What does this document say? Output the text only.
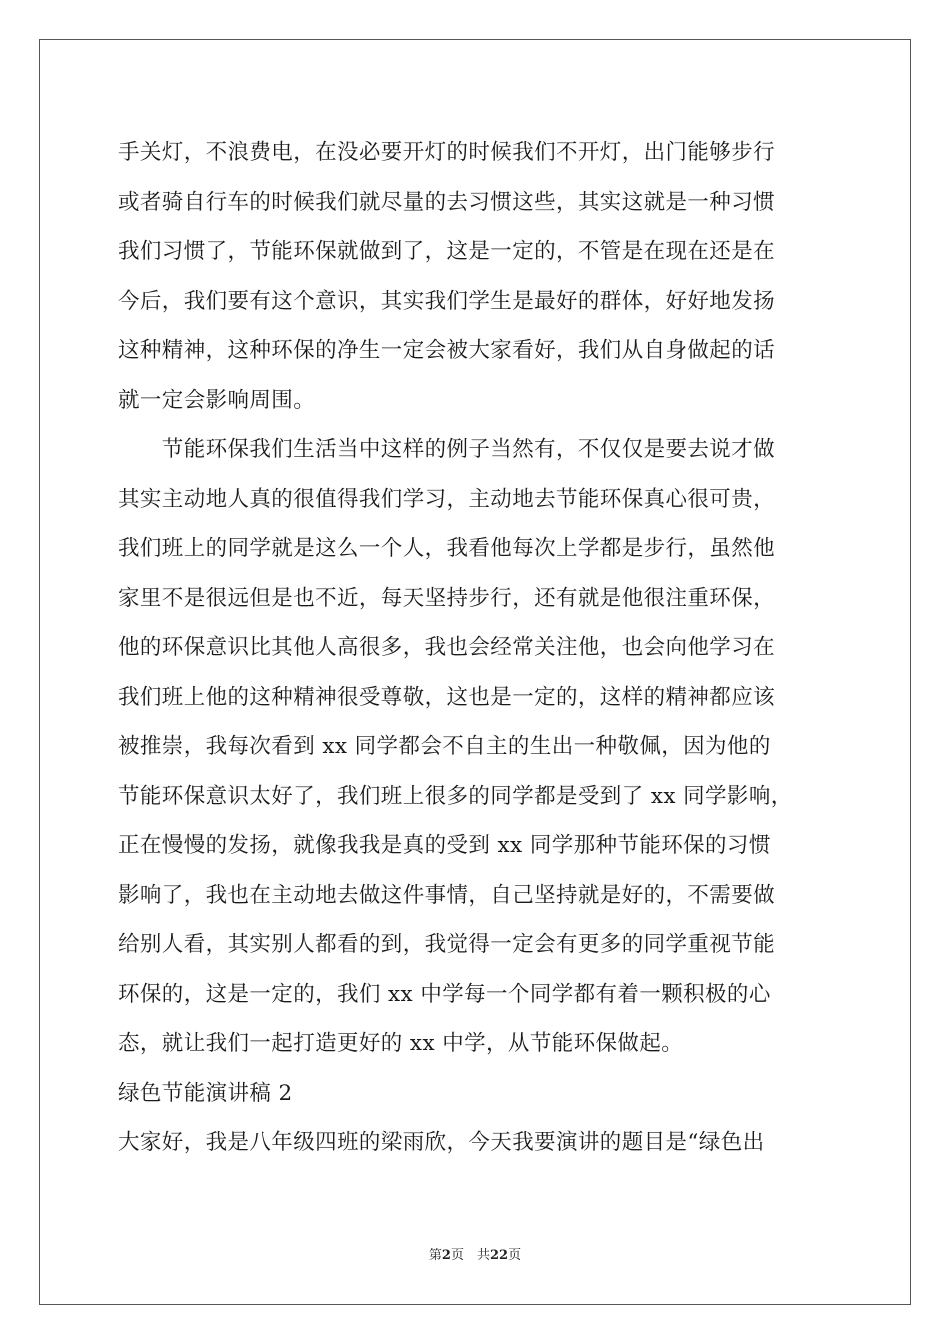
手关灯，不浪费电，在没必要开灯的时候我们不开灯，出门能够步行
或者骑自行车的时候我们就尽量的去习惯这些，其实这就是一种习惯
我们习惯了，节能环保就做到了，这是一定的，不管是在现在还是在
今后，我们要有这个意识，其实我们学生是最好的群体，好好地发扬
这种精神，这种环保的净生一定会被大家看好，我们从自身做起的话
就一定会影响周围。
　　节能环保我们生活当中这样的例子当然有，不仅仅是要去说才做
其实主动地人真的很值得我们学习，主动地去节能环保真心很可贵，
我们班上的同学就是这么一个人，我看他每次上学都是步行，虽然他
家里不是很远但是也不近，每天坚持步行，还有就是他很注重环保，
他的环保意识比其他人高很多，我也会经常关注他，也会向他学习在
我们班上他的这种精神很受尊敬，这也是一定的，这样的精神都应该
被推崇，我每次看到 xx 同学都会不自主的生出一种敬佩，因为他的
节能环保意识太好了，我们班上很多的同学都是受到了 xx 同学影响，
正在慢慢的发扬，就像我我是真的受到 xx 同学那种节能环保的习惯
影响了，我也在主动地去做这件事情，自己坚持就是好的，不需要做
给别人看，其实别人都看的到，我觉得一定会有更多的同学重视节能
环保的，这是一定的，我们 xx 中学每一个同学都有着一颗积极的心
态，就让我们一起打造更好的 xx 中学，从节能环保做起。
绿色节能演讲稿 2
大家好，我是八年级四班的梁雨欣，今天我要演讲的题目是“绿色出
第2页　共22页
